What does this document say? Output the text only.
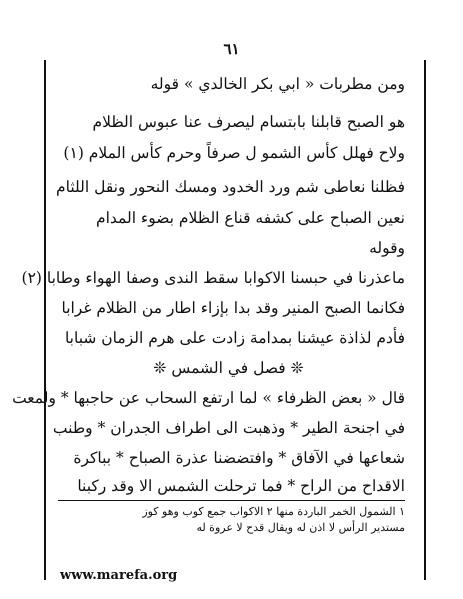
٦١
ومن مطربات « ابي بكر الخالدي » قوله
هو الصبح قابلنا بابتسام ليصرف عنا عبوس الظلام
ولاح فهلل كأس الشمو ل صرفاً وحرم كأس الملام (١)
فظلنا نعاطى شم ورد الخدود ومسك النحور ونقل اللثام
نعين الصباح على كشفه قناع الظلام بضوء المدام
وقوله
ماعذرنا في حبسنا الاكوابا سقط الندى وصفا الهواء وطابا (٢)
فكانما الصبح المنير وقد بدا بإزاء اطار من الظلام غرابا
فأدم لذاذة عيشنا بمدامة زادت على هرم الزمان شبابا
❊ فصل في الشمس ❊
قال « بعض الظرفاء » لما ارتفع السحاب عن حاجبها * ولمعت
في اجنحة الطير * وذهبت الى اطراف الجدران * وطنب
شعاعها في الآفاق * وافتضضنا عذرة الصباح * بباكرة
الاقداح من الراح * فما ترحلت الشمس الا وقد ركبنا
١ الشمول الخمر الباردة منها ٢ الاكواب جمع كوب وهو كوز
مستدير الرأس لا اذن له ويقال قدح لا عروة له
www.marefa.org
